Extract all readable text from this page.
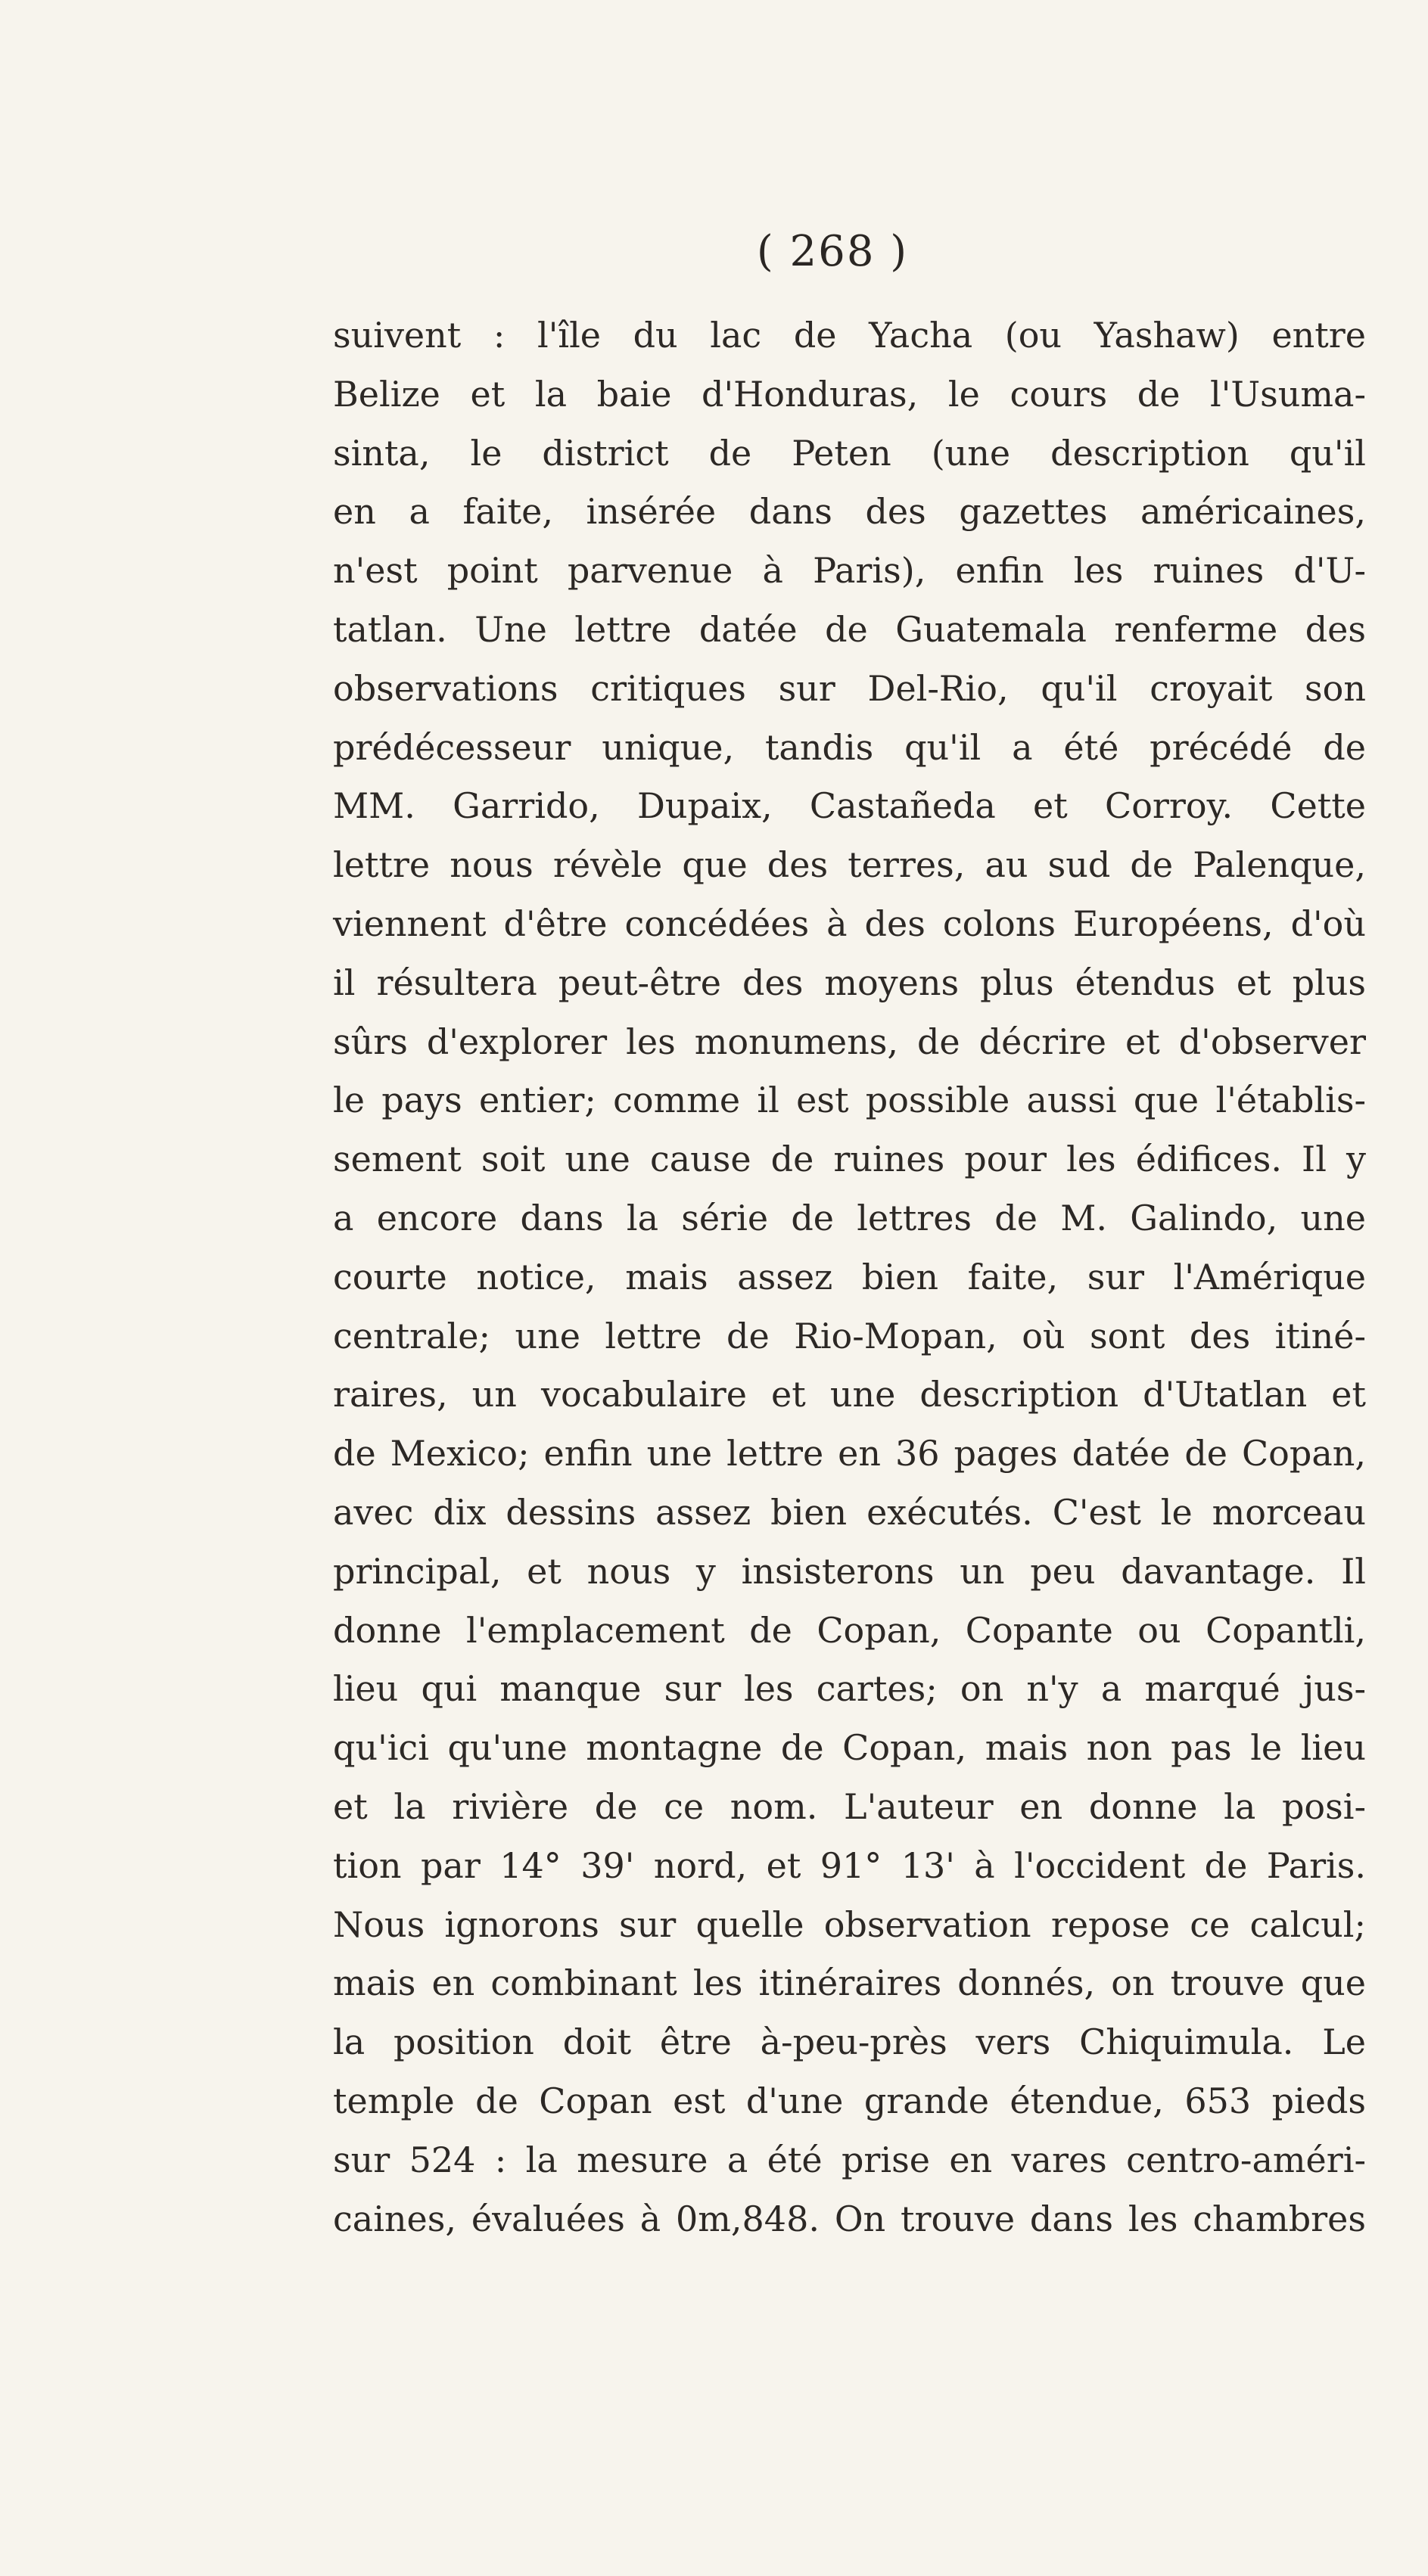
( 268 )
suivent : l'île du lac de Yacha (ou Yashaw) entre
Belize et la baie d'Honduras, le cours de l'Usuma-
sinta, le district de Peten (une description qu'il
en a faite, insérée dans des gazettes américaines,
n'est point parvenue à Paris), enfin les ruines d'U-
tatlan. Une lettre datée de Guatemala renferme des
observations critiques sur Del-Rio, qu'il croyait son
prédécesseur unique, tandis qu'il a été précédé de
MM. Garrido, Dupaix, Castañeda et Corroy. Cette
lettre nous révèle que des terres, au sud de Palenque,
viennent d'être concédées à des colons Européens, d'où
il résultera peut-être des moyens plus étendus et plus
sûrs d'explorer les monumens, de décrire et d'observer
le pays entier; comme il est possible aussi que l'établis-
sement soit une cause de ruines pour les édifices. Il y
a encore dans la série de lettres de M. Galindo, une
courte notice, mais assez bien faite, sur l'Amérique
centrale; une lettre de Rio-Mopan, où sont des itiné-
raires, un vocabulaire et une description d'Utatlan et
de Mexico; enfin une lettre en 36 pages datée de Copan,
avec dix dessins assez bien exécutés. C'est le morceau
principal, et nous y insisterons un peu davantage. Il
donne l'emplacement de Copan, Copante ou Copantli,
lieu qui manque sur les cartes; on n'y a marqué jus-
qu'ici qu'une montagne de Copan, mais non pas le lieu
et la rivière de ce nom. L'auteur en donne la posi-
tion par 14° 39' nord, et 91° 13' à l'occident de Paris.
Nous ignorons sur quelle observation repose ce calcul;
mais en combinant les itinéraires donnés, on trouve que
la position doit être à-peu-près vers Chiquimula. Le
temple de Copan est d'une grande étendue, 653 pieds
sur 524 : la mesure a été prise en vares centro-améri-
caines, évaluées à 0m,848. On trouve dans les chambres
